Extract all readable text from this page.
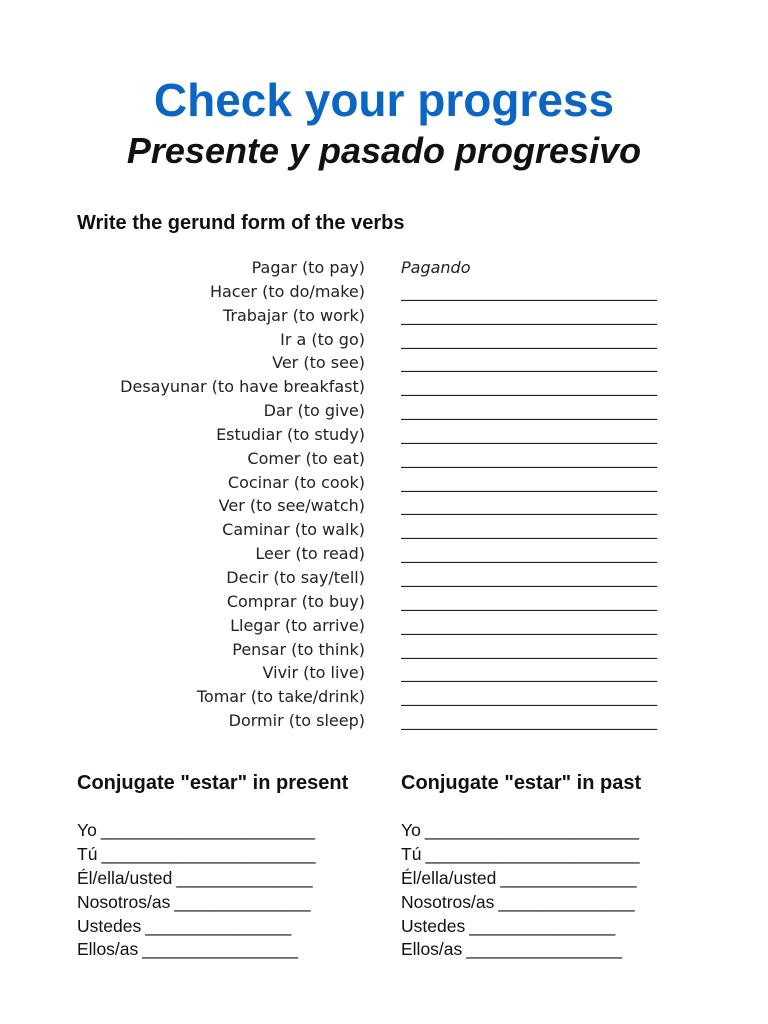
Check your progress
Presente y pasado progresivo
Write the gerund form of the verbs
Pagar (to pay) Pagando
Hacer (to do/make) ________________________________
Trabajar (to work) ________________________________
Ir a (to go) ________________________________
Ver (to see) ________________________________
Desayunar (to have breakfast) ________________________________
Dar (to give) ________________________________
Estudiar (to study) ________________________________
Comer (to eat) ________________________________
Cocinar (to cook) ________________________________
Ver (to see/watch) ________________________________
Caminar (to walk) ________________________________
Leer (to read) ________________________________
Decir (to say/tell) ________________________________
Comprar (to buy) ________________________________
Llegar (to arrive) ________________________________
Pensar (to think) ________________________________
Vivir (to live) ________________________________
Tomar (to take/drink) ________________________________
Dormir (to sleep) ________________________________
Conjugate "estar" in present	Conjugate "estar" in past
Yo ______________________
Tú ______________________
Él/ella/usted ______________
Nosotros/as ______________
Ustedes _______________
Ellos/as ________________
Yo ______________________
Tú ______________________
Él/ella/usted ______________
Nosotros/as ______________
Ustedes _______________
Ellos/as ________________
